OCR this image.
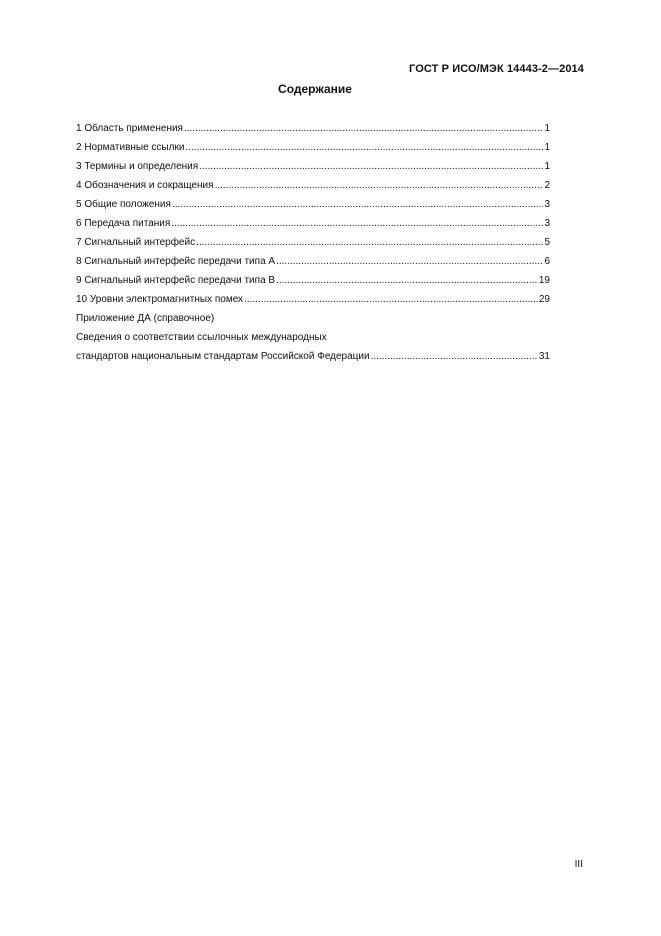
ГОСТ Р ИСО/МЭК 14443-2—2014
Содержание
1 Область применения .....	1
2 Нормативные ссылки .....	1
3 Термины и определения .....	1
4 Обозначения и сокращения .....	2
5 Общие положения .....	3
6 Передача питания .....	3
7 Сигнальный интерфейс .....	5
8 Сигнальный интерфейс передачи типа А .....	6
9 Сигнальный интерфейс передачи типа В .....	19
10 Уровни электромагнитных помех .....	29
Приложение ДА (справочное)
Сведения о соответствии ссылочных международных
стандартов национальным стандартам Российской Федерации .....	31
III
